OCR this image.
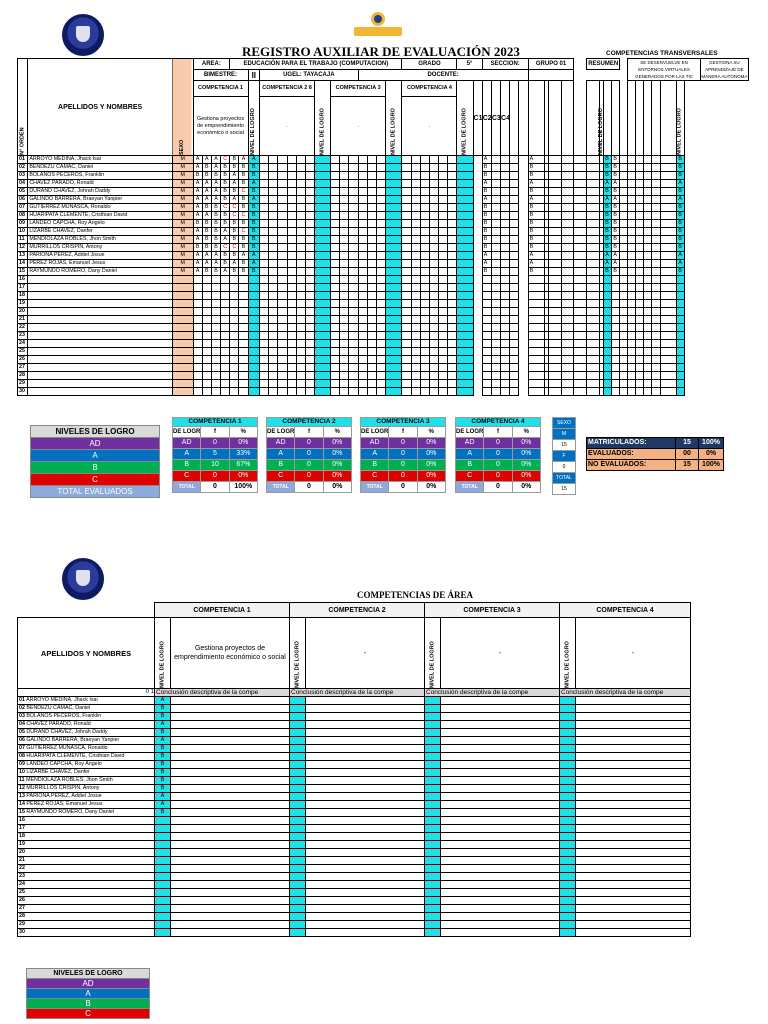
REGISTRO AUXILIAR DE EVALUACIÓN 2023	COMPETENCIAS TRANSVERSALES
N° ORDEN	APELLIDOS Y NOMBRES	SEXO	AREA:				EDUCACIÓN PARA EL TRABAJO (COMPUTACION)																	GRADO						5°		SECCION:					GRUPO 01					RESUMEN					SE DESENVUELVE EN ENTORNOS VIRTUALES GENERADOS POR LAS TIC						GESTIONA SU APRENDIZAJE DE MANERA AUTÓNOMA
			BIMESTRE:						II	UGEL: TAYACAJA										DOCENTE:																																	
			COMPETENCIA 1						NIVEL DE LOGRO	COMPETENCIA 2 8						NIVEL DE LOGRO	COMPETENCIA 3						NIVEL DE LOGRO	COMPETENCIA 4						NIVEL DE LOGRO	C1	C2	C3	C4									NIVEL DE LOGRO									NIVEL DE LOGRO	
			Gestiona proyectos de emprendimiento económico o social							.							.							.																													
01	ARROYO MEDINA, Jhack Isai	M	A	A	A	C	B	A	A																							A					A							B	B							B	
02	BENDEZU CAMAC, Daniel	M	A	B	A	B	B	B	B																							B					B							B	B							B	
03	BOLAÑOS PECEROS, Franklin	M	B	B	B	B	A	B	B																							B					B							B	B							B	
04	CHAVEZ PARADO, Ronald	M	A	A	A	B	A	B	A																							A					A							A	A							A	
05	DURAND CHAVEZ, Johrah Daddy	M	A	A	A	B	B	C	B																							B					B							B	B							B	
06	GALINDO BARRERA, Braeyan Yanpier	M	A	A	A	B	A	B	A																							A					A							A	A							A	
07	GUTIERREZ MUNASCA, Ronaldo	M	A	B	B	C	C	B	B																							B					B							B	B							B	
08	HUARIPATA CLEMENTE, Cristhian David	M	A	A	B	B	C	C	B																							B					B							B	B							B	
09	LANDEO CAPCHA, Roy Angelo	M	B	B	B	B	B	B	B																							B					B							B	B							B	
10	LIZARBE CHAVEZ, Danfer	M	A	B	B	A	B	C	B																							B					B							B	B							B	
11	MENDIOLAZA ROBLES, Jhon Smith	M	A	B	B	A	B	B	B																							B					B							B	B							B	
12	MURRILLOS CRISPIN, Antony	M	B	B	B	C	C	B	B																							B					B							B	B							B	
13	PARIONA PEREZ, Addiel Josue	M	A	A	A	B	B	A	A																							A					A							A	A							A	
14	PEREZ ROJAS, Emanuel Jesus	M	A	A	A	B	A	B	A																							A					A							A	A							A	
15	RAYMUNDO ROMERO, Dany Daniel	M	A	B	B	A	B	B	B																							B					B							B	B							B	
16																																																					
17																																																					
18																																																					
19																																																					
20																																																					
21																																																					
22																																																					
23																																																					
24																																																					
25																																																					
26																																																					
27																																																					
28																																																					
29																																																					
30																																																					
NIVELES DE LOGRO
AD
A
B
C
TOTAL EVALUADOS
COMPETENCIA 1		
DE LOGR	f	%
AD	0	0%
A	5	33%
B	10	67%
C	0	0%
TOTAL	0	100%
COMPETENCIA 2		
DE LOGR	f	%
AD	0	0%
A	0	0%
B	0	0%
C	0	0%
TOTAL	0	0%
COMPETENCIA 3		
DE LOGR	f	%
AD	0	0%
A	0	0%
B	0	0%
C	0	0%
TOTAL	0	0%
COMPETENCIA 4		
DE LOGR	f	%
AD	0	0%
A	0	0%
B	0	0%
C	0	0%
TOTAL	0	0%
SEXO
M
15
F
0
TOTAL
15
MATRICULADOS:	15	100%
EVALUADOS:	00	0%
NO EVALUADOS:	15	100%
COMPETENCIAS DE ÁREA
	COMPETENCIA 1		COMPETENCIA 2		COMPETENCIA 3		COMPETENCIA 4	
APELLIDOS Y NOMBRES	NIVEL DE LOGRO	Gestiona proyectos de emprendimiento económico o social	NIVEL DE LOGRO	-	NIVEL DE LOGRO	-	NIVEL DE LOGRO	-
0 1	Conclusión descriptiva de la compe		Conclusión descriptiva de la compe		Conclusión descriptiva de la compe		Conclusión descriptiva de la compe	
01 ARROYO MEDINA, Jhack Isai	A							
02 BENDEZU CAMAC, Daniel	B							
03 BOLAÑOS PECEROS, Franklin	B							
04 CHAVEZ PARADO, Ronald	A							
05 DURAND CHAVEZ, Johrah Daddy	B							
06 GALINDO BARRERA, Braeyan Yanpier	A							
07 GUTIERREZ MUNASCA, Ronaldo	B							
08 HUARIPATA CLEMENTE, Cristhian David	B							
09 LANDEO CAPCHA, Roy Angelo	B							
10 LIZARBE CHAVEZ, Danfer	B							
11 MENDIOLAZA ROBLES, Jhon Smith	B							
12 MURRILLOS CRISPIN, Antony	B							
13 PARIONA PEREZ, Addiel Josue	A							
14 PEREZ ROJAS, Emanuel Jesus	A							
15 RAYMUNDO ROMERO, Dany Daniel	B							
16								
17								
18								
19								
20								
21								
22								
23								
24								
25								
26								
27								
28								
29								
30								
NIVELES DE LOGRO
AD
A
B
C
